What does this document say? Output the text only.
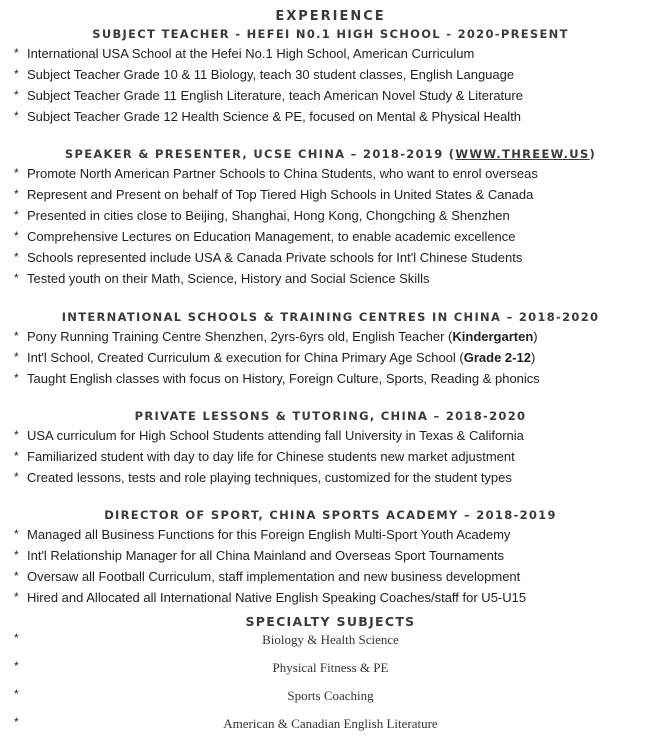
EXPERIENCE
SUBJECT TEACHER - HEFEI N0.1 HIGH SCHOOL - 2020-PRESENT
* International USA School at the Hefei No.1 High School, American Curriculum
* Subject Teacher Grade 10 & 11 Biology, teach 30 student classes, English Language
* Subject Teacher Grade 11 English Literature, teach American Novel Study & Literature
* Subject Teacher Grade 12 Health Science & PE, focused on Mental & Physical Health
SPEAKER & PRESENTER, UCSE CHINA – 2018-2019 (WWW.THREEW.US)
* Promote North American Partner Schools to China Students, who want to enrol overseas
* Represent and Present on behalf of Top Tiered High Schools in United States & Canada
* Presented in cities close to Beijing, Shanghai, Hong Kong, Chongching & Shenzhen
* Comprehensive Lectures on Education Management, to enable academic excellence
* Schools represented include USA & Canada Private schools for Int'l Chinese Students
* Tested youth on their Math, Science, History and Social Science Skills
INTERNATIONAL SCHOOLS & TRAINING CENTRES IN CHINA – 2018-2020
* Pony Running Training Centre Shenzhen, 2yrs-6yrs old, English Teacher (Kindergarten)
* Int'l School, Created Curriculum & execution for China Primary Age School (Grade 2-12)
* Taught English classes with focus on History, Foreign Culture, Sports, Reading & phonics
PRIVATE LESSONS & TUTORING, CHINA – 2018-2020
* USA curriculum for High School Students attending fall University in Texas & California
* Familiarized student with day to day life for Chinese students new market adjustment
* Created lessons, tests and role playing techniques, customized for the student types
DIRECTOR OF SPORT, CHINA SPORTS ACADEMY – 2018-2019
* Managed all Business Functions for this Foreign English Multi-Sport Youth Academy
* Int'l Relationship Manager for all China Mainland and Overseas Sport Tournaments
* Oversaw all Football Curriculum, staff implementation and new business development
* Hired and Allocated all International Native English Speaking Coaches/staff for U5-U15
SPECIALTY SUBJECTS
*	Biology & Health Science
*	Physical Fitness & PE
*	Sports Coaching
*	American & Canadian English Literature
